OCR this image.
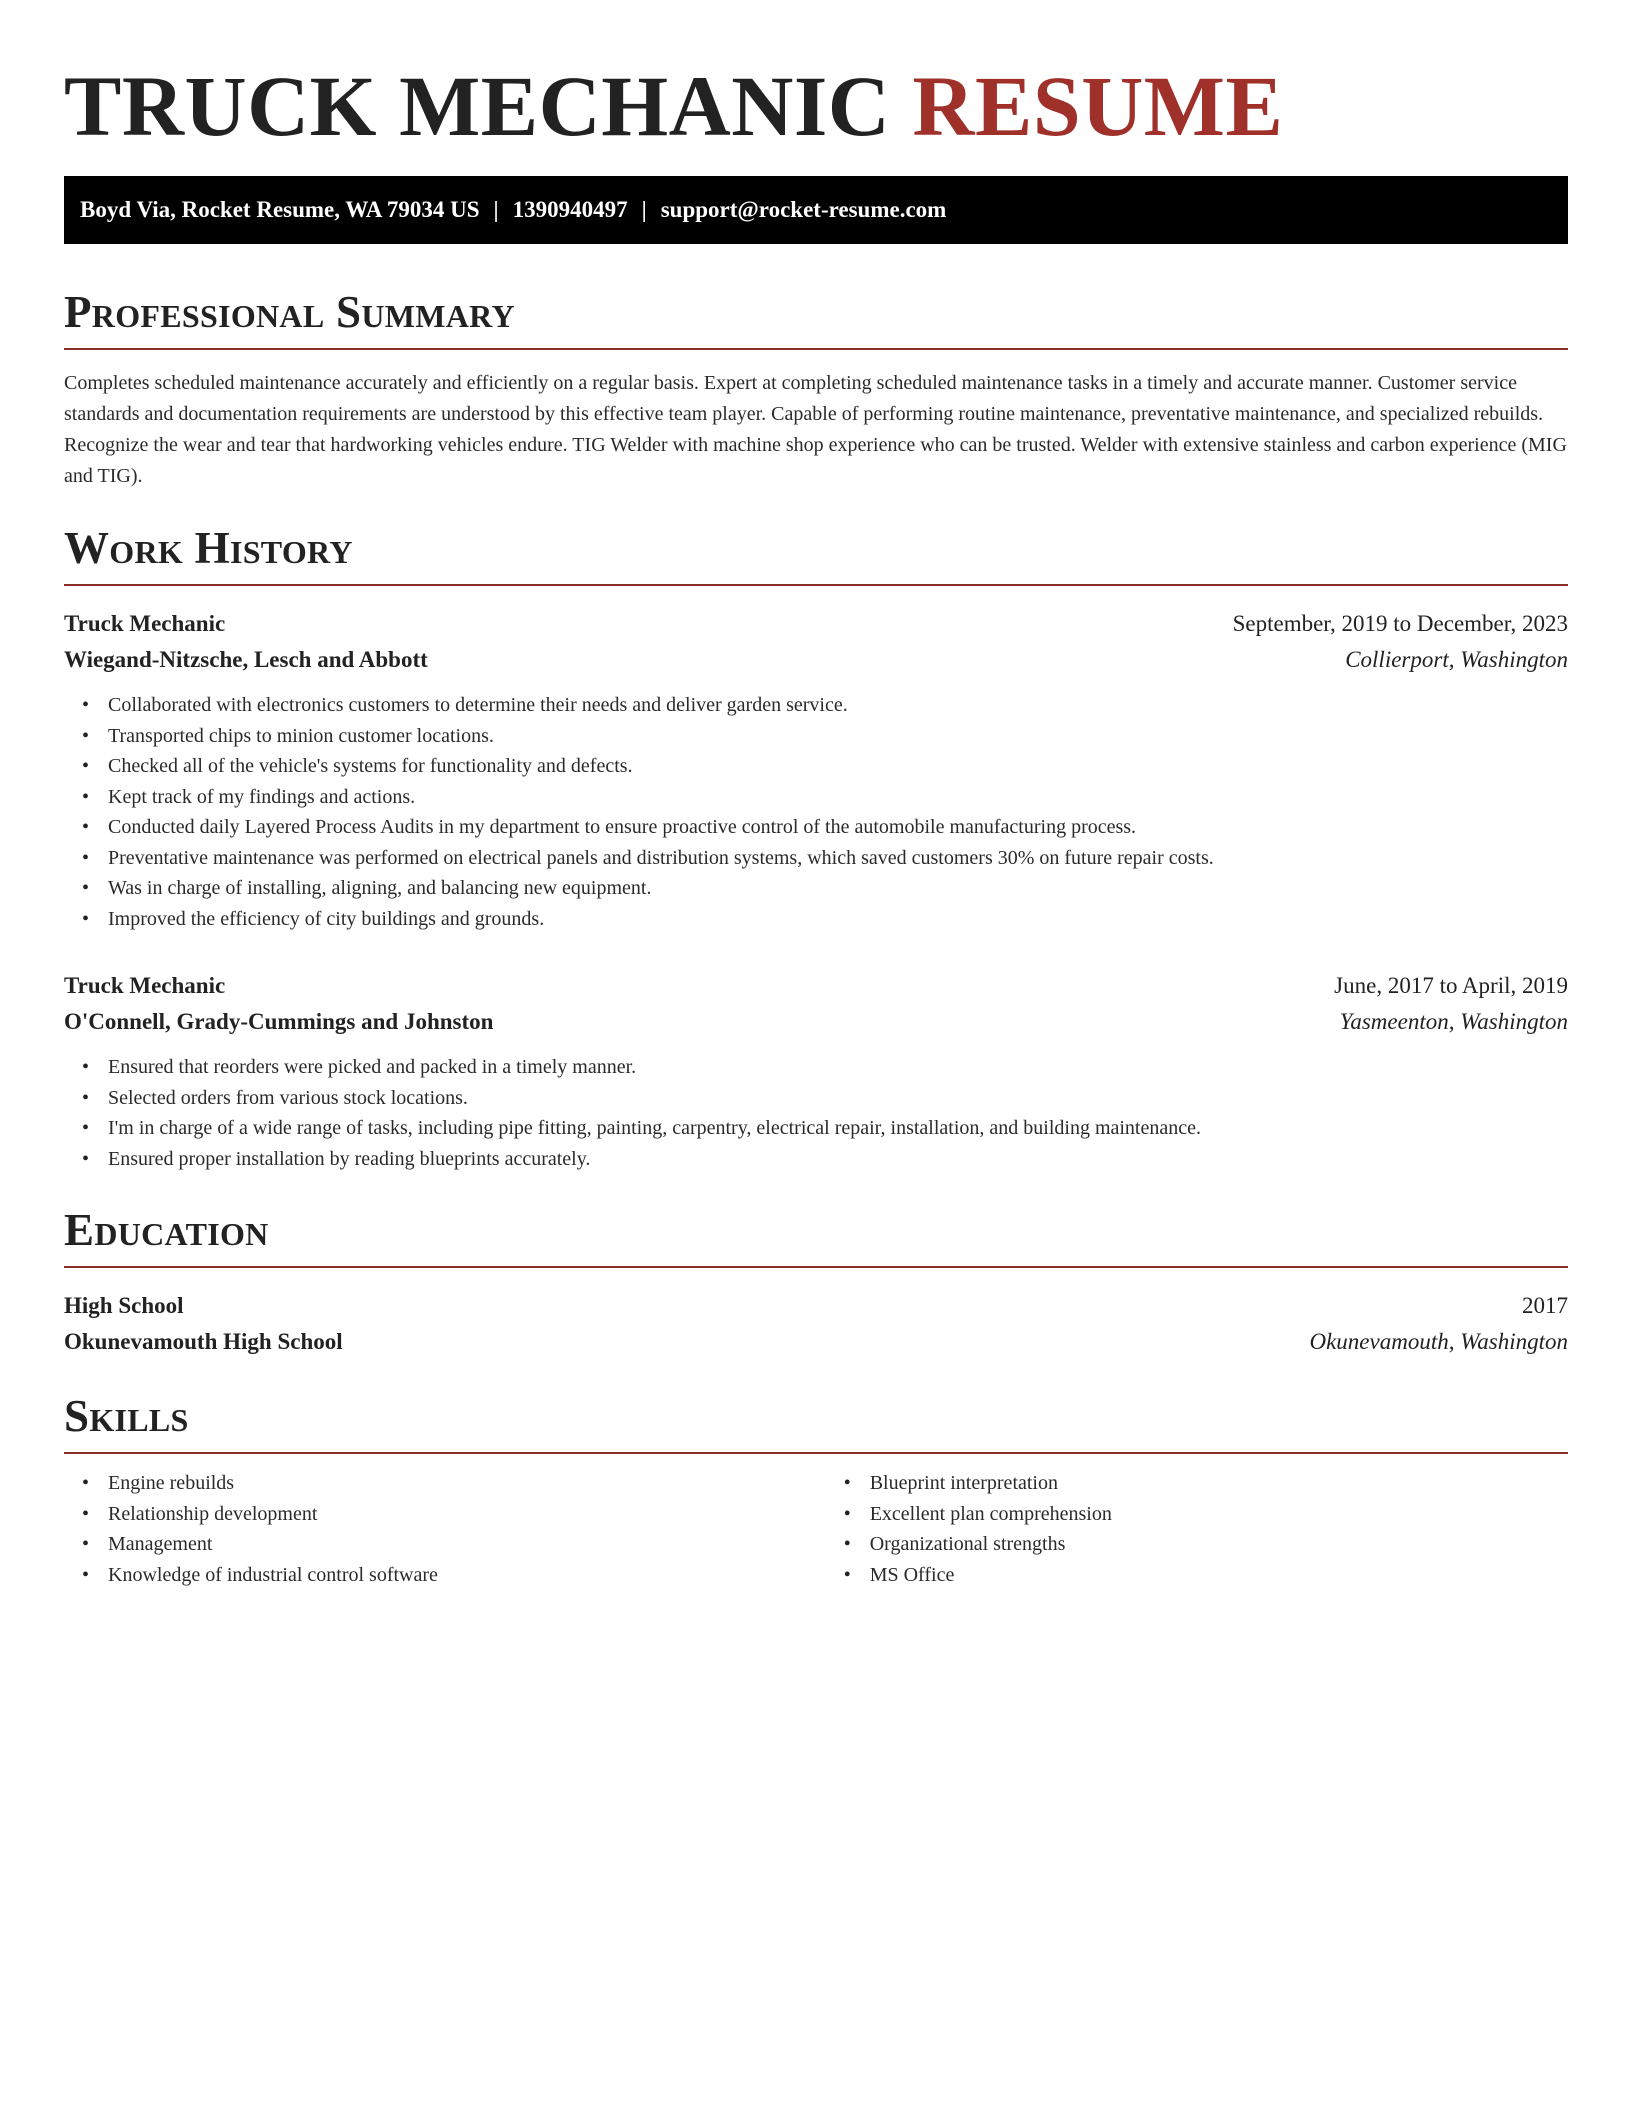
TRUCK MECHANIC RESUME
Boyd Via, Rocket Resume, WA 79034 US | 1390940497 | support@rocket-resume.com
Professional Summary

Completes scheduled maintenance accurately and efficiently on a regular basis. Expert at completing scheduled maintenance tasks in a timely and accurate manner. Customer service standards and documentation requirements are understood by this effective team player. Capable of performing routine maintenance, preventative maintenance, and specialized rebuilds. Recognize the wear and tear that hardworking vehicles endure. TIG Welder with machine shop experience who can be trusted. Welder with extensive stainless and carbon experience (MIG and TIG).

Work History
Truck Mechanic	September, 2019 to December, 2023
Wiegand-Nitzsche, Lesch and Abbott	Collierport, Washington
• Collaborated with electronics customers to determine their needs and deliver garden service.
• Transported chips to minion customer locations.
• Checked all of the vehicle's systems for functionality and defects.
• Kept track of my findings and actions.
• Conducted daily Layered Process Audits in my department to ensure proactive control of the automobile manufacturing process.
• Preventative maintenance was performed on electrical panels and distribution systems, which saved customers 30% on future repair costs.
• Was in charge of installing, aligning, and balancing new equipment.
• Improved the efficiency of city buildings and grounds.
Truck Mechanic	June, 2017 to April, 2019
O'Connell, Grady-Cummings and Johnston	Yasmeenton, Washington
• Ensured that reorders were picked and packed in a timely manner.
• Selected orders from various stock locations.
• I'm in charge of a wide range of tasks, including pipe fitting, painting, carpentry, electrical repair, installation, and building maintenance.
• Ensured proper installation by reading blueprints accurately.
Education
High School	2017
Okunevamouth High School	Okunevamouth, Washington
Skills
• Engine rebuilds
• Relationship development
• Management
• Knowledge of industrial control software
• Blueprint interpretation
• Excellent plan comprehension
• Organizational strengths
• MS Office
